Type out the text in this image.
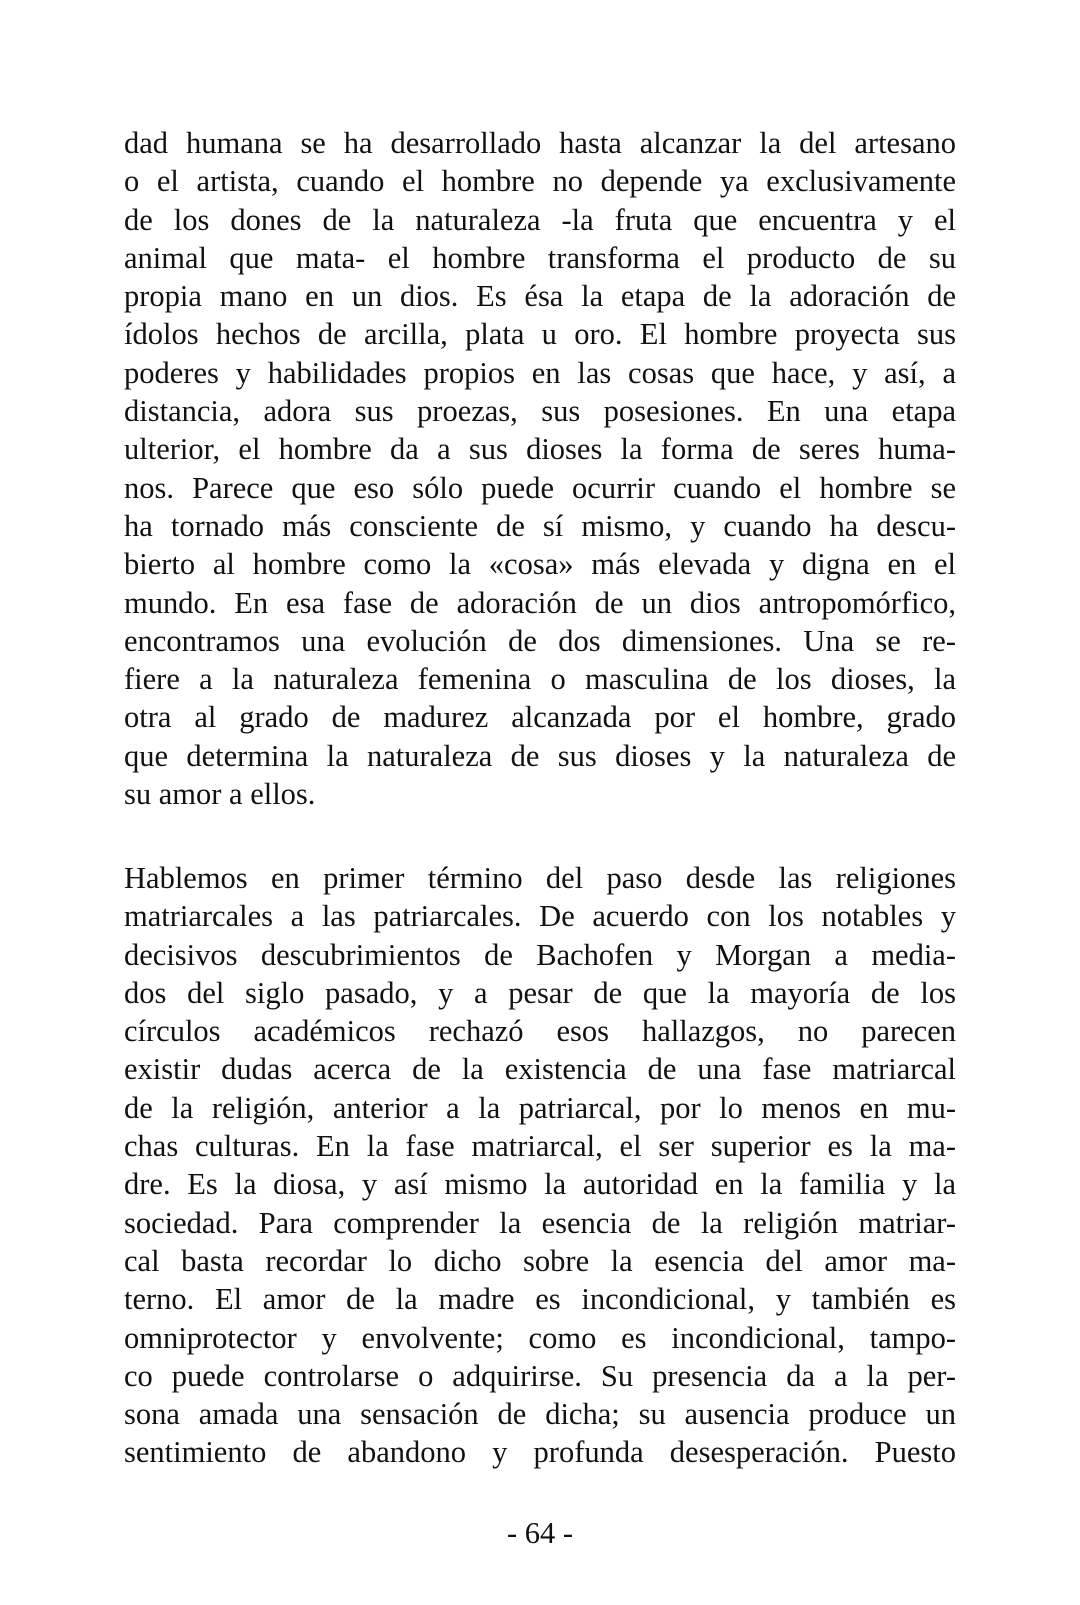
dad humana se ha desarrollado hasta alcanzar la del artesano
o el artista, cuando el hombre no depende ya exclusivamente
de los dones de la naturaleza -la fruta que encuentra y el
animal que mata- el hombre transforma el producto de su
propia mano en un dios. Es ésa la etapa de la adoración de
ídolos hechos de arcilla, plata u oro. El hombre proyecta sus
poderes y habilidades propios en las cosas que hace, y así, a
distancia, adora sus proezas, sus posesiones. En una etapa
ulterior, el hombre da a sus dioses la forma de seres huma-
nos. Parece que eso sólo puede ocurrir cuando el hombre se
ha tornado más consciente de sí mismo, y cuando ha descu-
bierto al hombre como la «cosa» más elevada y digna en el
mundo. En esa fase de adoración de un dios antropomórfico,
encontramos una evolución de dos dimensiones. Una se re-
fiere a la naturaleza femenina o masculina de los dioses, la
otra al grado de madurez alcanzada por el hombre, grado
que determina la naturaleza de sus dioses y la naturaleza de
su amor a ellos.
Hablemos en primer término del paso desde las religiones
matriarcales a las patriarcales. De acuerdo con los notables y
decisivos descubrimientos de Bachofen y Morgan a media-
dos del siglo pasado, y a pesar de que la mayoría de los
círculos académicos rechazó esos hallazgos, no parecen
existir dudas acerca de la existencia de una fase matriarcal
de la religión, anterior a la patriarcal, por lo menos en mu-
chas culturas. En la fase matriarcal, el ser superior es la ma-
dre. Es la diosa, y así mismo la autoridad en la familia y la
sociedad. Para comprender la esencia de la religión matriar-
cal basta recordar lo dicho sobre la esencia del amor ma-
terno. El amor de la madre es incondicional, y también es
omniprotector y envolvente; como es incondicional, tampo-
co puede controlarse o adquirirse. Su presencia da a la per-
sona amada una sensación de dicha; su ausencia produce un
sentimiento de abandono y profunda desesperación. Puesto
- 64 -
